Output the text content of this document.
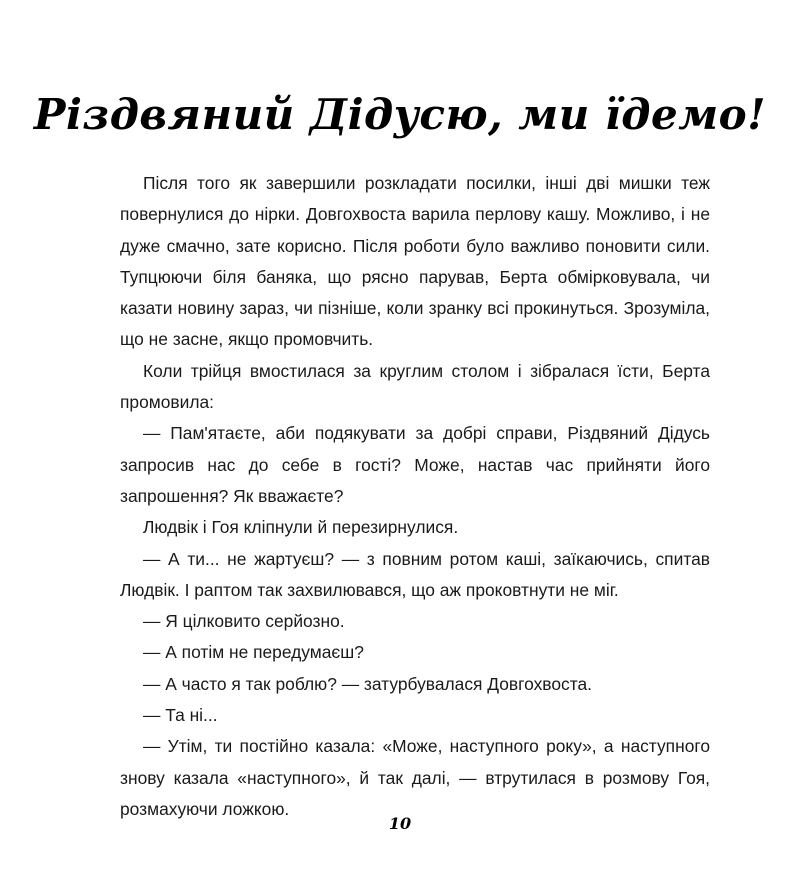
Різдвяний Дідусю, ми їдемо!

Після того як завершили розкладати посилки, інші дві мишки теж повернулися до нірки. Довгохвоста варила перлову кашу. Можливо, і не дуже смачно, зате корисно. Після роботи було важливо поновити сили. Тупцюючи біля баняка, що рясно парував, Берта обмірковувала, чи казати новину зараз, чи пізніше, коли зранку всі прокинуться. Зрозуміла, що не засне, якщо промовчить.

Коли трійця вмостилася за круглим столом і зібралася їсти, Берта промовила:

— Пам'ятаєте, аби подякувати за добрі справи, Різдвяний Дідусь запросив нас до себе в гості? Може, настав час прийняти його запрошення? Як вважаєте?

Людвік і Гоя кліпнули й перезирнулися.

— А ти... не жартуєш? — з повним ротом каші, заїкаючись, спитав Людвік. І раптом так захвилювався, що аж проковтнути не міг.

— Я цілковито серйозно.

— А потім не передумаєш?

— А часто я так роблю? — затурбувалася Довгохвоста.

— Та ні...

— Утім, ти постійно казала: «Може, наступного року», а наступного знову казала «наступного», й так далі, — втрутилася в розмову Гоя, розмахуючи ложкою.

10
